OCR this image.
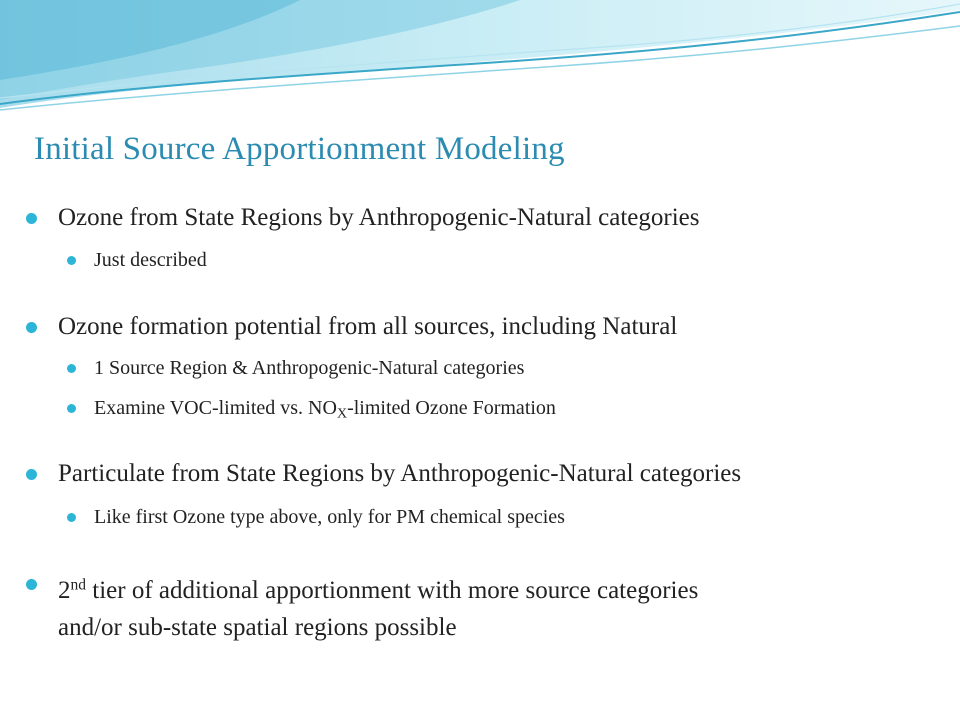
Initial Source Apportionment Modeling
Ozone from State Regions by Anthropogenic-Natural categories
Just described
Ozone formation potential from all sources, including Natural
1 Source Region & Anthropogenic-Natural categories
Examine VOC-limited vs. $NO_X$-limited Ozone Formation
Particulate from State Regions by Anthropogenic-Natural categories
Like first Ozone type above, only for PM chemical species
2nd tier of additional apportionment with more source categories
and/or sub-state spatial regions possible
